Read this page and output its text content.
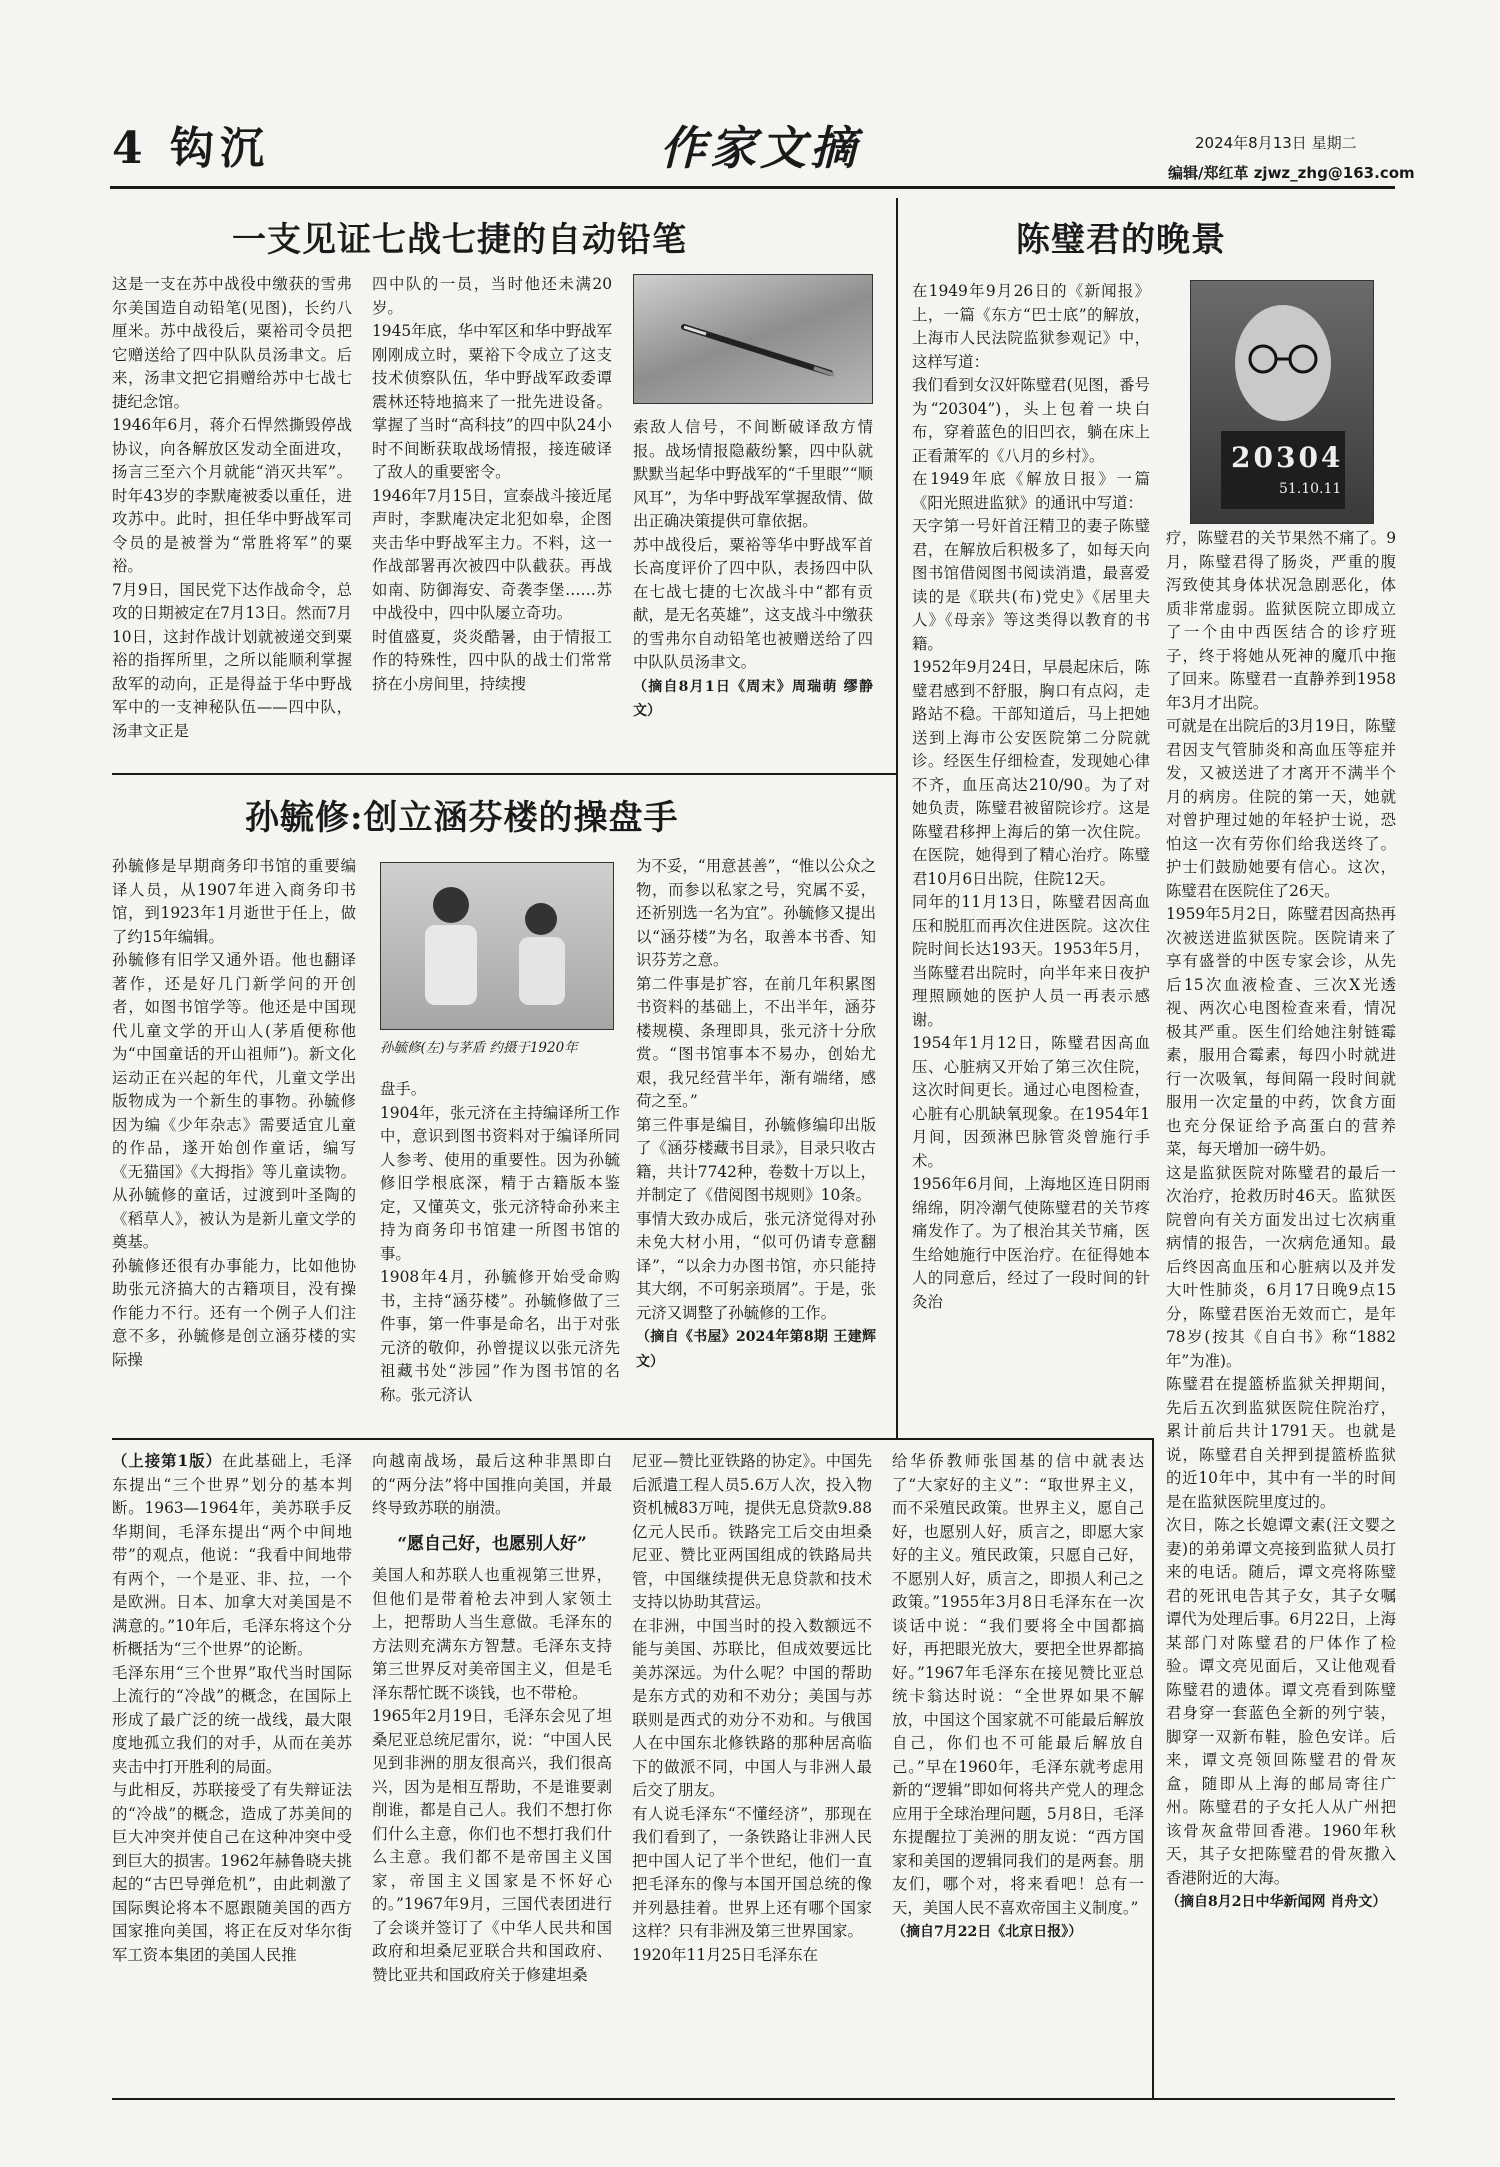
4 钩沉	作家文摘	2024年8月13日 星期二
编辑/郑红革 zjwz_zhg@163.com
一支见证七战七捷的自动铅笔
这是一支在苏中战役中缴获的雪弗尔美国造自动铅笔(见图)，长约八厘米。苏中战役后，粟裕司令员把它赠送给了四中队队员汤聿文。后来，汤聿文把它捐赠给苏中七战七捷纪念馆。
1946年6月，蒋介石悍然撕毁停战协议，向各解放区发动全面进攻，扬言三至六个月就能“消灭共军”。时年43岁的李默庵被委以重任，进攻苏中。此时，担任华中野战军司令员的是被誉为“常胜将军”的粟裕。
7月9日，国民党下达作战命令，总攻的日期被定在7月13日。然而7月10日，这封作战计划就被递交到粟裕的指挥所里，之所以能顺利掌握敌军的动向，正是得益于华中野战军中的一支神秘队伍——四中队，汤聿文正是
四中队的一员，当时他还未满20岁。
1945年底，华中军区和华中野战军刚刚成立时，粟裕下令成立了这支技术侦察队伍，华中野战军政委谭震林还特地搞来了一批先进设备。掌握了当时“高科技”的四中队24小时不间断获取战场情报，接连破译了敌人的重要密令。
1946年7月15日，宣泰战斗接近尾声时，李默庵决定北犯如皋，企图夹击华中野战军主力。不料，这一作战部署再次被四中队截获。再战如南、防御海安、奇袭李堡……苏中战役中，四中队屡立奇功。
时值盛夏，炎炎酷暑，由于情报工作的特殊性，四中队的战士们常常挤在小房间里，持续搜
索敌人信号，不间断破译敌方情报。战场情报隐蔽纷繁，四中队就默默当起华中野战军的“千里眼”“顺风耳”，为华中野战军掌握敌情、做出正确决策提供可靠依据。
苏中战役后，粟裕等华中野战军首长高度评价了四中队，表扬四中队在七战七捷的七次战斗中“都有贡献，是无名英雄”，这支战斗中缴获的雪弗尔自动铅笔也被赠送给了四中队队员汤聿文。
（摘自8月1日《周末》周瑞萌 缪静文）
陈璧君的晚景
20304
51.10.11
在1949年9月26日的《新闻报》上，一篇《东方“巴士底”的解放，上海市人民法院监狱参观记》中，这样写道：
我们看到女汉奸陈璧君(见图，番号为“20304”)，头上包着一块白布，穿着蓝色的旧凹衣，躺在床上正看萧军的《八月的乡村》。
在1949年底《解放日报》一篇《阳光照进监狱》的通讯中写道：
天字第一号奸首汪精卫的妻子陈璧君，在解放后积极多了，如每天向图书馆借阅图书阅读消遣，最喜爱读的是《联共(布)党史》《居里夫人》《母亲》等这类得以教育的书籍。
1952年9月24日，早晨起床后，陈璧君感到不舒服，胸口有点闷，走路站不稳。干部知道后，马上把她送到上海市公安医院第二分院就诊。经医生仔细检查，发现她心律不齐，血压高达210/90。为了对她负责，陈璧君被留院诊疗。这是陈璧君移押上海后的第一次住院。在医院，她得到了精心治疗。陈璧君10月6日出院，住院12天。
同年的11月13日，陈璧君因高血压和脱肛而再次住进医院。这次住院时间长达193天。1953年5月，当陈璧君出院时，向半年来日夜护理照顾她的医护人员一再表示感谢。
1954年1月12日，陈璧君因高血压、心脏病又开始了第三次住院，这次时间更长。通过心电图检查，心脏有心肌缺氧现象。在1954年1月间，因颈淋巴脉管炎曾施行手术。
1956年6月间，上海地区连日阴雨绵绵，阴冷潮气使陈璧君的关节疼痛发作了。为了根治其关节痛，医生给她施行中医治疗。在征得她本人的同意后，经过了一段时间的针灸治
疗，陈璧君的关节果然不痛了。9月，陈璧君得了肠炎，严重的腹泻致使其身体状况急剧恶化，体质非常虚弱。监狱医院立即成立了一个由中西医结合的诊疗班子，终于将她从死神的魔爪中拖了回来。陈璧君一直静养到1958年3月才出院。
可就是在出院后的3月19日，陈璧君因支气管肺炎和高血压等症并发，又被送进了才离开不满半个月的病房。住院的第一天，她就对曾护理过她的年轻护士说，恐怕这一次有劳你们给我送终了。护士们鼓励她要有信心。这次，陈璧君在医院住了26天。
1959年5月2日，陈璧君因高热再次被送进监狱医院。医院请来了享有盛誉的中医专家会诊，从先后15次血液检查、三次X光透视、两次心电图检查来看，情况极其严重。医生们给她注射链霉素，服用合霉素，每四小时就进行一次吸氧，每间隔一段时间就服用一次定量的中药，饮食方面也充分保证给予高蛋白的营养菜，每天增加一磅牛奶。
这是监狱医院对陈璧君的最后一次治疗，抢救历时46天。监狱医院曾向有关方面发出过七次病重病情的报告，一次病危通知。最后终因高血压和心脏病以及并发大叶性肺炎，6月17日晚9点15分，陈璧君医治无效而亡，是年78岁(按其《自白书》称“1882年”为准)。
陈璧君在提篮桥监狱关押期间，先后五次到监狱医院住院治疗，累计前后共计1791天。也就是说，陈璧君自关押到提篮桥监狱的近10年中，其中有一半的时间是在监狱医院里度过的。
次日，陈之长媳谭文素(汪文婴之妻)的弟弟谭文亮接到监狱人员打来的电话。随后，谭文亮将陈璧君的死讯电告其子女，其子女嘱谭代为处理后事。6月22日，上海某部门对陈璧君的尸体作了检验。谭文亮见面后，又让他观看陈璧君的遗体。谭文亮看到陈璧君身穿一套蓝色全新的列宁装，脚穿一双新布鞋，脸色安详。后来，谭文亮领回陈璧君的骨灰盒，随即从上海的邮局寄往广州。陈璧君的子女托人从广州把该骨灰盒带回香港。1960年秋天，其子女把陈璧君的骨灰撒入香港附近的大海。
（摘自8月2日中华新闻网 肖舟文）
孙毓修:创立涵芬楼的操盘手
孙毓修是早期商务印书馆的重要编译人员，从1907年进入商务印书馆，到1923年1月逝世于任上，做了约15年编辑。
孙毓修有旧学又通外语。他也翻译著作，还是好几门新学问的开创者，如图书馆学等。他还是中国现代儿童文学的开山人(茅盾便称他为“中国童话的开山祖师”)。新文化运动正在兴起的年代，儿童文学出版物成为一个新生的事物。孙毓修因为编《少年杂志》需要适宜儿童的作品，遂开始创作童话，编写《无猫国》《大拇指》等儿童读物。从孙毓修的童话，过渡到叶圣陶的《稻草人》，被认为是新儿童文学的奠基。
孙毓修还很有办事能力，比如他协助张元济搞大的古籍项目，没有操作能力不行。还有一个例子人们注意不多，孙毓修是创立涵芬楼的实际操
孙毓修(左)与茅盾 约摄于1920年
盘手。
1904年，张元济在主持编译所工作中，意识到图书资料对于编译所同人参考、使用的重要性。因为孙毓修旧学根底深，精于古籍版本鉴定，又懂英文，张元济特命孙来主持为商务印书馆建一所图书馆的事。
1908年4月，孙毓修开始受命购书，主持“涵芬楼”。孙毓修做了三件事，第一件事是命名，出于对张元济的敬仰，孙曾提议以张元济先祖藏书处“涉园”作为图书馆的名称。张元济认
为不妥，“用意甚善”，“惟以公众之物，而参以私家之号，究属不妥，还祈别选一名为宜”。孙毓修又提出以“涵芬楼”为名，取善本书香、知识芬芳之意。
第二件事是扩容，在前几年积累图书资料的基础上，不出半年，涵芬楼规模、条理即具，张元济十分欣赏。“图书馆事本不易办，创始尤艰，我兄经营半年，渐有端绪，感荷之至。”
第三件事是编目，孙毓修编印出版了《涵芬楼藏书目录》，目录只收古籍，共计7742种，卷数十万以上，并制定了《借阅图书规则》10条。
事情大致办成后，张元济觉得对孙未免大材小用，“似可仍请专意翻译”，“以余力办图书馆，亦只能持其大纲，不可躬亲琐屑”。于是，张元济又调整了孙毓修的工作。
（摘自《书屋》2024年第8期 王建辉文）
（上接第1版）在此基础上，毛泽东提出“三个世界”划分的基本判断。1963—1964年，美苏联手反华期间，毛泽东提出“两个中间地带”的观点，他说：“我看中间地带有两个，一个是亚、非、拉，一个是欧洲。日本、加拿大对美国是不满意的。”10年后，毛泽东将这个分析概括为“三个世界”的论断。
毛泽东用“三个世界”取代当时国际上流行的“冷战”的概念，在国际上形成了最广泛的统一战线，最大限度地孤立我们的对手，从而在美苏夹击中打开胜利的局面。
与此相反，苏联接受了有失辩证法的“冷战”的概念，造成了苏美间的巨大冲突并使自己在这种冲突中受到巨大的损害。1962年赫鲁晓夫挑起的“古巴导弹危机”，由此刺激了国际舆论将本不愿跟随美国的西方国家推向美国，将正在反对华尔街军工资本集团的美国人民推
向越南战场，最后这种非黑即白的“两分法”将中国推向美国，并最终导致苏联的崩溃。
“愿自己好，也愿别人好”
美国人和苏联人也重视第三世界，但他们是带着枪去冲到人家领土上，把帮助人当生意做。毛泽东的方法则充满东方智慧。毛泽东支持第三世界反对美帝国主义，但是毛泽东帮忙既不谈钱，也不带枪。
1965年2月19日，毛泽东会见了坦桑尼亚总统尼雷尔，说：“中国人民见到非洲的朋友很高兴，我们很高兴，因为是相互帮助，不是谁要剥削谁，都是自己人。我们不想打你们什么主意，你们也不想打我们什么主意。我们都不是帝国主义国家，帝国主义国家是不怀好心的。”1967年9月，三国代表团进行了会谈并签订了《中华人民共和国政府和坦桑尼亚联合共和国政府、赞比亚共和国政府关于修建坦桑
尼亚—赞比亚铁路的协定》。中国先后派遣工程人员5.6万人次，投入物资机械83万吨，提供无息贷款9.88亿元人民币。铁路完工后交由坦桑尼亚、赞比亚两国组成的铁路局共管，中国继续提供无息贷款和技术支持以协助其营运。
在非洲，中国当时的投入数额远不能与美国、苏联比，但成效要远比美苏深远。为什么呢？中国的帮助是东方式的劝和不劝分；美国与苏联则是西式的劝分不劝和。与俄国人在中国东北修铁路的那种居高临下的做派不同，中国人与非洲人最后交了朋友。
有人说毛泽东“不懂经济”，那现在我们看到了，一条铁路让非洲人民把中国人记了半个世纪，他们一直把毛泽东的像与本国开国总统的像并列悬挂着。世界上还有哪个国家这样？只有非洲及第三世界国家。
1920年11月25日毛泽东在
给华侨教师张国基的信中就表达了“大家好的主义”：“取世界主义，而不采殖民政策。世界主义，愿自己好，也愿别人好，质言之，即愿大家好的主义。殖民政策，只愿自己好，不愿别人好，质言之，即损人利己之政策。”1955年3月8日毛泽东在一次谈话中说：“我们要将全中国都搞好，再把眼光放大，要把全世界都搞好。”1967年毛泽东在接见赞比亚总统卡翁达时说：“全世界如果不解放，中国这个国家就不可能最后解放自己，你们也不可能最后解放自己。”早在1960年，毛泽东就考虑用新的“逻辑”即如何将共产党人的理念应用于全球治理问题，5月8日，毛泽东提醒拉丁美洲的朋友说：“西方国家和美国的逻辑同我们的是两套。朋友们，哪个对，将来看吧！总有一天，美国人民不喜欢帝国主义制度。”
（摘自7月22日《北京日报》）
